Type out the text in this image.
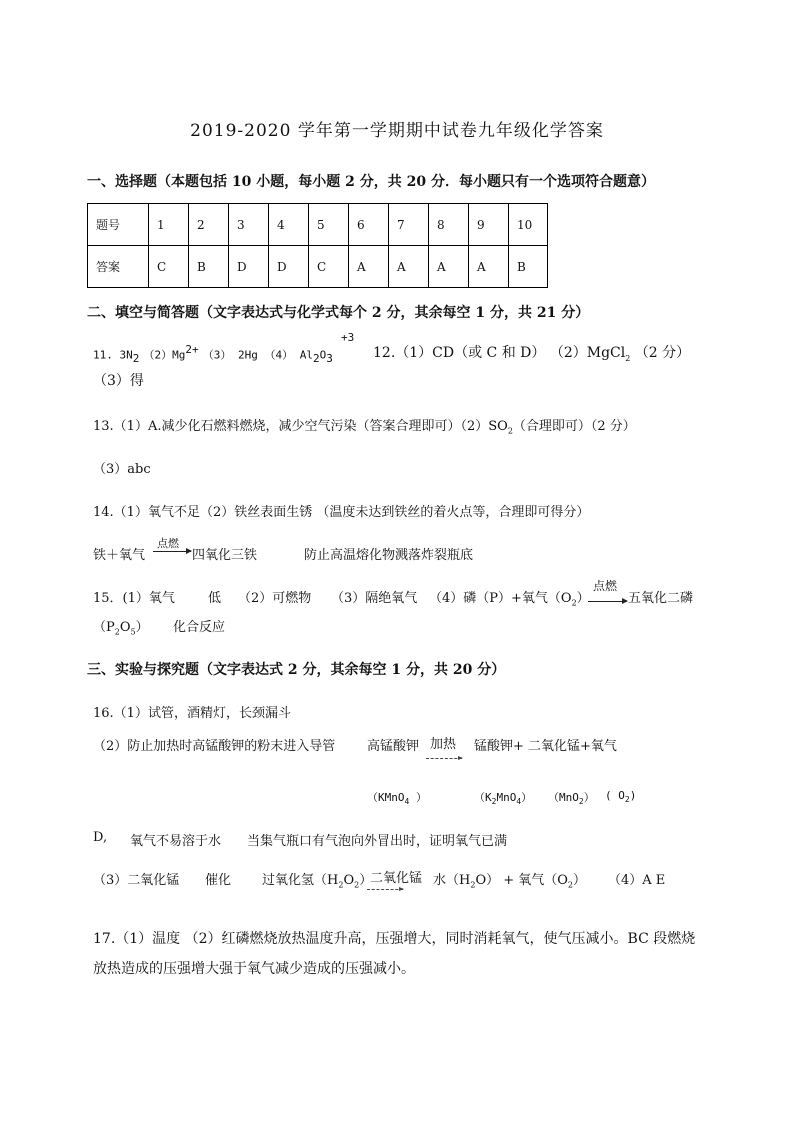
2019-2020 学年第一学期期中试卷九年级化学答案
一、选择题（本题包括 10 小题，每小题 2 分，共 20 分．每小题只有一个选项符合题意）
题号	1	2	3	4	5	6	7	8	9	10
答案	C	B	D	D	C	A	A	A	A	B
二、填空与简答题（文字表达式与化学式每个 2 分，其余每空 1 分，共 21 分）
11. $3N_2$ $(2)Mg^{2+}$ （3） 2Hg （4） $Al_2O_3$
+3
12.（1）CD（或 C 和 D） （2）MgCl$_2$ （2 分）
（3）得
13.（1）A.减少化石燃料燃烧，减少空气污染（答案合理即可）$(2)SO_2$（合理即可）（2 分）
（3）abc
14.（1）氧气不足（2）铁丝表面生锈 （温度未达到铁丝的着火点等，合理即可得分）
铁＋氧气
点燃
→ 四氧化三铁	防止高温熔化物溅落炸裂瓶底
15．(1）氧气	低 （2）可燃物 （3）隔绝氧气 （4）磷（P）+氧气$(O_2)$
点燃
→ 五氧化二磷
$(P_2O_5)$ 化合反应
三、实验与探究题（文字表达式 2 分，其余每空 1 分，共 20 分）
16.（1）试管，酒精灯，长颈漏斗
（2）防止加热时高锰酸钾的粉末进入导管 高锰酸钾 加热 锰酸钾+ 二氧化锰+氧气
（KMnO$_4$ ）	$(K_2MnO_4)$ （MnO$_2$） ( $O_2$)
D, 氧气不易溶于水 当集气瓶口有气泡向外冒出时，证明氧气已满
（3）二氧化锰 催化 过氧化氢$(H_2O_2)$
二氧化锰 水$(H_2O)$ + 氧气$(O_2)$ （4）A E
17.（1）温度 （2）红磷燃烧放热温度升高，压强增大，同时消耗氧气，使气压减小。BC 段燃烧
放热造成的压强增大强于氧气减少造成的压强减小。
